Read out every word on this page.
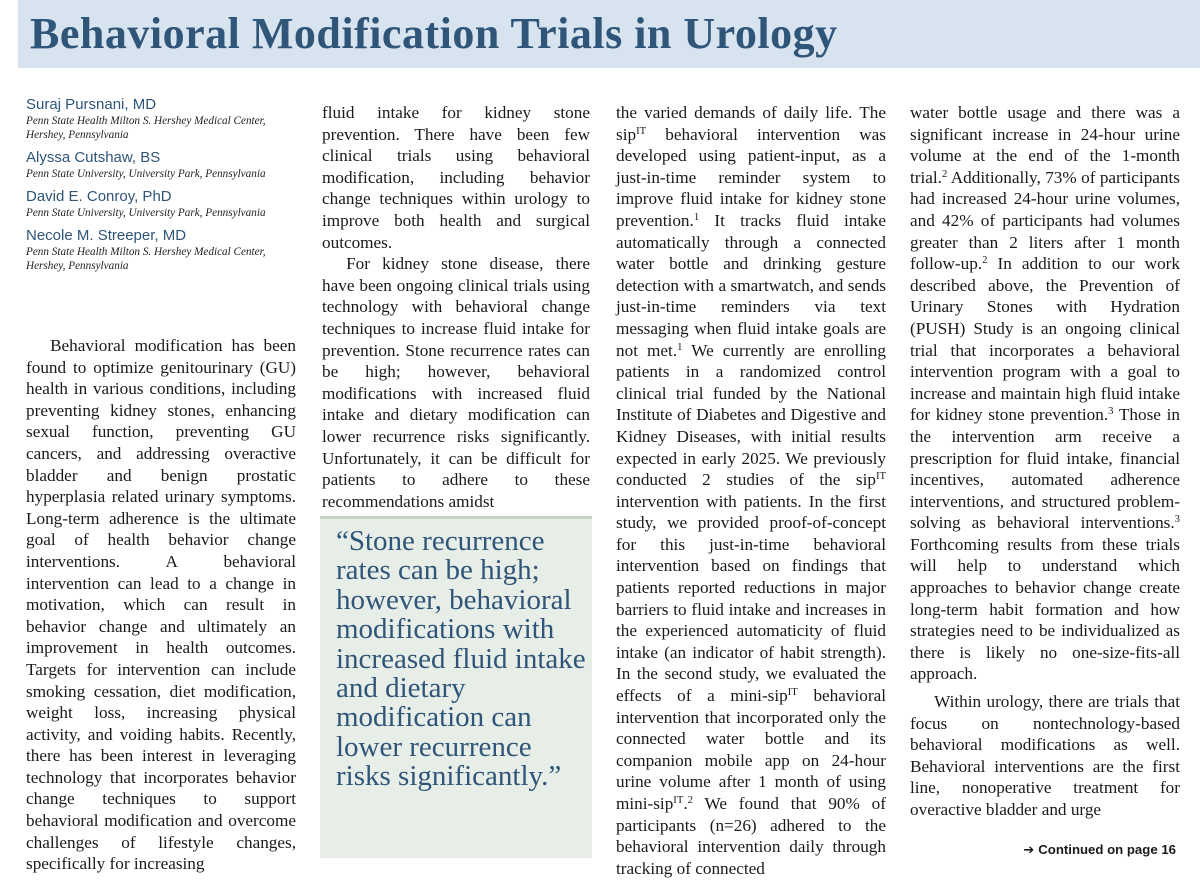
Behavioral Modification Trials in Urology
Suraj Pursnani, MD
Penn State Health Milton S. Hershey Medical Center, Hershey, Pennsylvania
Alyssa Cutshaw, BS
Penn State University, University Park, Pennsylvania
David E. Conroy, PhD
Penn State University, University Park, Pennsylvania
Necole M. Streeper, MD
Penn State Health Milton S. Hershey Medical Center, Hershey, Pennsylvania

Behavioral modification has been found to optimize genitourinary (GU) health in various conditions, including preventing kidney stones, enhancing sexual function, preventing GU cancers, and addressing overactive bladder and benign prostatic hyperplasia related urinary symptoms. Long-term adherence is the ultimate goal of health behavior change interventions. A behavioral intervention can lead to a change in motivation, which can result in behavior change and ultimately an improvement in health outcomes. Targets for intervention can include smoking cessation, diet modification, weight loss, increasing physical activity, and voiding habits. Recently, there has been interest in leveraging technology that incorporates behavior change techniques to support behavioral modification and overcome challenges of lifestyle changes, specifically for increasing

fluid intake for kidney stone prevention. There have been few clinical trials using behavioral modification, including behavior change techniques within urology to improve both health and surgical outcomes.

For kidney stone disease, there have been ongoing clinical trials using technology with behavioral change techniques to increase fluid intake for prevention. Stone recurrence rates can be high; however, behavioral modifications with increased fluid intake and dietary modification can lower recurrence risks significantly. Unfortunately, it can be difficult for patients to adhere to these recommendations amidst

“Stone recurrence rates can be high; however, behavioral modifications with increased fluid intake and dietary modification can lower recurrence risks significantly.”

the varied demands of daily life. The sip$^{IT}$ behavioral intervention was developed using patient-input, as a just-in-time reminder system to improve fluid intake for kidney stone prevention.$^1$ It tracks fluid intake automatically through a connected water bottle and drinking gesture detection with a smartwatch, and sends just-in-time reminders via text messaging when fluid intake goals are not met.$^1$ We currently are enrolling patients in a randomized control clinical trial funded by the National Institute of Diabetes and Digestive and Kidney Diseases, with initial results expected in early 2025. We previously conducted 2 studies of the sip$^{IT}$ intervention with patients. In the first study, we provided proof-of-concept for this just-in-time behavioral intervention based on findings that patients reported reductions in major barriers to fluid intake and increases in the experienced automaticity of fluid intake (an indicator of habit strength). In the second study, we evaluated the effects of a mini-sip$^{IT}$ behavioral intervention that incorporated only the connected water bottle and its companion mobile app on 24-hour urine volume after 1 month of using mini-sip$^{IT}$.$^2$ We found that 90% of participants (n=26) adhered to the behavioral intervention daily through tracking of connected

water bottle usage and there was a significant increase in 24-hour urine volume at the end of the 1-month trial.$^2$ Additionally, 73% of participants had increased 24-hour urine volumes, and 42% of participants had volumes greater than 2 liters after 1 month follow-up.$^2$ In addition to our work described above, the Prevention of Urinary Stones with Hydration (PUSH) Study is an ongoing clinical trial that incorporates a behavioral intervention program with a goal to increase and maintain high fluid intake for kidney stone prevention.$^3$ Those in the intervention arm receive a prescription for fluid intake, financial incentives, automated adherence interventions, and structured problem-solving as behavioral interventions.$^3$ Forthcoming results from these trials will help to understand which approaches to behavior change create long-term habit formation and how strategies need to be individualized as there is likely no one-size-fits-all approach.

Within urology, there are trials that focus on nontechnology-based behavioral modifications as well. Behavioral interventions are the first line, nonoperative treatment for overactive bladder and urge

➔ Continued on page 16
